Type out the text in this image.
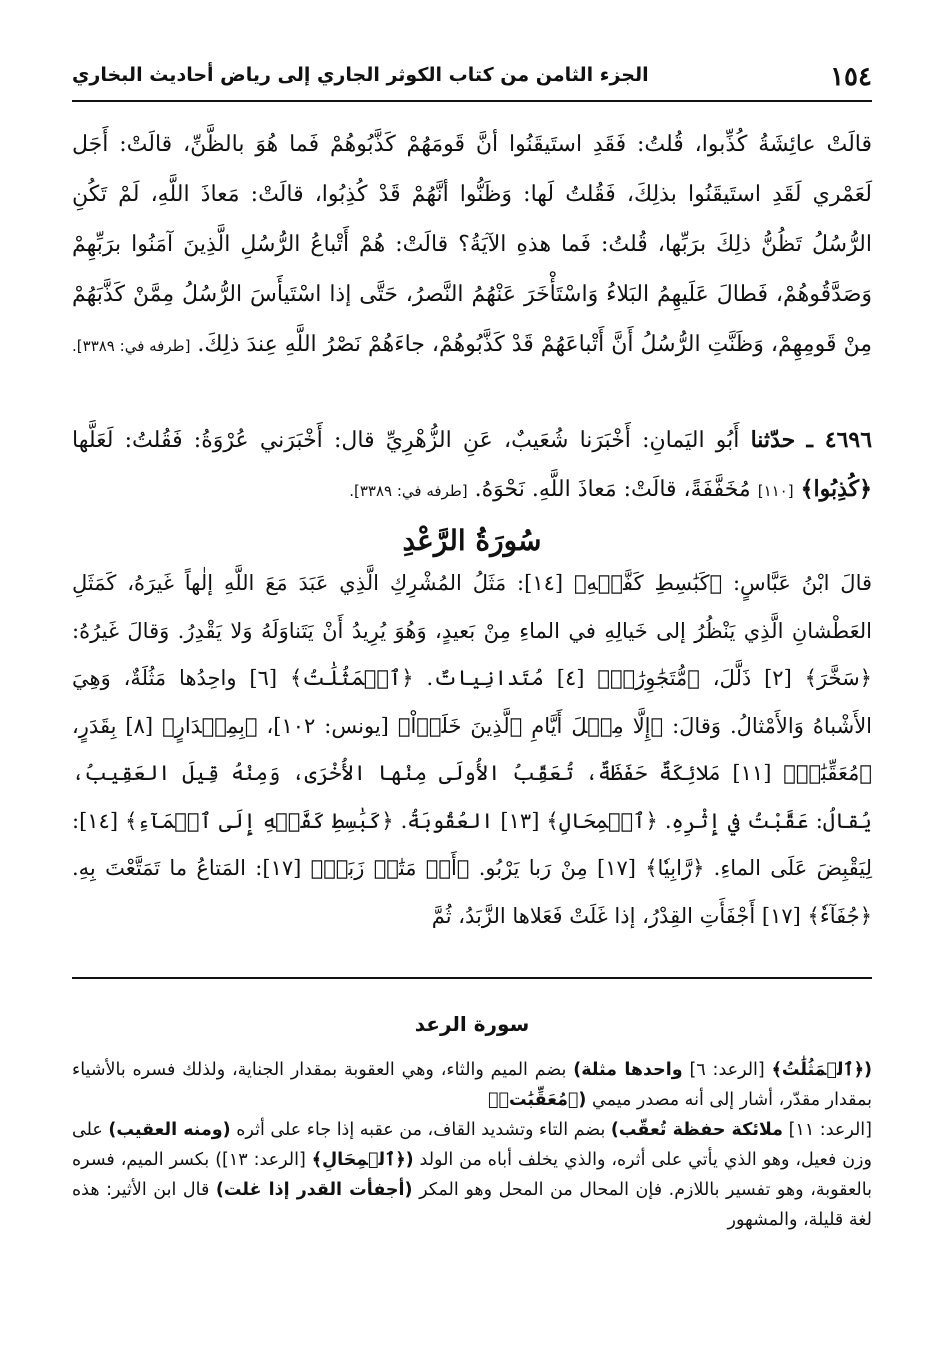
١٥٤
الجزء الثامن من كتاب الكوثر الجاري إلى رياض أحاديث البخاري
قالَتْ عائِشَةُ كُذِّبوا، قُلتُ: فَقَدِ استَيقَنُوا أنَّ قَومَهُمْ كَذَّبُوهُمْ فَما هُوَ بالظَّنِّ، قالَتْ: أَجَل لَعَمْري لَقَدِ استَيقَنُوا بذلِكَ، فَقُلتُ لَها: وَظَنُّوا أنَّهُمْ قَدْ كُذِبُوا، قالَتْ: مَعاذَ اللَّهِ، لَمْ تَكُنِ الرُّسُلُ تَظُنُّ ذلِكَ برَبِّها، قُلتُ: فَما هذهِ الآيَةُ؟ قالَتْ: هُمْ أَتْباعُ الرُّسُلِ الَّذِينَ آمَنُوا برَبِّهِمْ وَصَدَّقُوهُمْ، فَطالَ عَلَيهِمُ البَلاءُ وَاسْتَأْخَرَ عَنْهُمُ النَّصرُ، حَتَّى إذا اسْتَيأَسَ الرُّسُلُ مِمَّنْ كَذَّبَهُمْ مِنْ قَومِهِمْ، وَظَنَّتِ الرُّسُلُ أَنَّ أَتْباعَهُمْ قَدْ كَذَّبُوهُمْ، جاءَهُمْ نَصْرُ اللَّهِ عِندَ ذلِكَ. [طرفه في: ٣٣٨٩].
٤٦٩٦ ـ حدّثنا أَبُو اليَمانِ: أَخْبَرَنا شُعَيبٌ، عَنِ الزُّهْرِيِّ قال: أَخْبَرَني عُرْوَةُ: فَقُلتُ: لَعَلَّها ﴿كُذِبُوا﴾ [١١٠] مُخَفَّفَةً، قالَتْ: مَعاذَ اللَّهِ. نَحْوَهُ. [طرفه في: ٣٣٨٩].
سُورَةُ الرَّعْدِ
قالَ ابْنُ عَبَّاسٍ: ﴿كَبَٰسِطِ كَفَّيۡهِ﴾ [١٤]: مَثَلُ المُشْرِكِ الَّذِي عَبَدَ مَعَ اللَّهِ إلٰهاً غَيرَهُ، كَمَثَلِ العَطْشانِ الَّذِي يَنْظُرُ إلى خَيالِهِ في الماءِ مِنْ بَعيدٍ، وَهُوَ يُرِيدُ أَنْ يَتَناوَلَهُ وَلا يَقْدِرُ. وَقالَ غَيرُهُ: ﴿سَخَّرَ﴾ [٢] ذَلَّلَ، ﴿مُّتَجَٰوِرَٰتٞ﴾ [٤] مُتَدانِياتٌ. ﴿ٱلۡمَثُلَٰتُ﴾ [٦] واحِدُها مَثُلَةٌ، وَهِيَ الأَشْباهُ وَالأَمْثالُ. وَقالَ: ﴿إِلَّا مِثۡلَ أَيَّامِ ٱلَّذِينَ خَلَوۡاْ﴾ [يونس: ١٠٢]، ﴿بِمِقۡدَارٍ﴾ [٨] بِقَدَرٍ، ﴿مُعَقِّبَٰتٞ﴾ [١١] مَلائِكَةٌ حَفَظَةٌ، تُعَقِّبُ الأُولَى مِنْها الأُخْرَى، وَمِنْهُ قِيلَ العَقِيبُ، يُقالُ: عَقَّبْتُ في إِثْرِهِ. ﴿ٱلۡمِحَالِ﴾ [١٣] العُقُوبَةُ. ﴿كَبَٰسِطِ كَفَّيۡهِ إِلَى ٱلۡمَآءِ﴾ [١٤]: لِيَقْبِضَ عَلَى الماءِ. ﴿رَّابِيٗا﴾ [١٧] مِنْ رَبا يَرْبُو. ﴿أَوۡ مَتَٰعٖ زَبَدٞ﴾ [١٧]: المَتاعُ ما تَمَتَّعْتَ بِهِ. ﴿جُفَآءٗ﴾ [١٧] أَجْفَأَتِ القِدْرُ، إذا غَلَتْ فَعَلاها الزَّبَدُ، ثُمَّ
سورة الرعد
(﴿ٱلۡمَثُلَٰتُ﴾ [الرعد: ٦] واحدها مثلة) بضم الميم والثاء، وهي العقوبة بمقدار الجناية، ولذلك فسره بالأشياء بمقدار مقدّر، أشار إلى أنه مصدر ميمي (﴿مُعَقِّبَٰتٞ﴾
[الرعد: ١١] ملائكة حفظة تُعقّب) بضم التاء وتشديد القاف، من عقبه إذا جاء على أثره (ومنه العقيب) على وزن فعيل، وهو الذي يأتي على أثره، والذي يخلف أباه من الولد (﴿ٱلۡمِحَالِ﴾ [الرعد: ١٣]) بكسر الميم، فسره بالعقوبة، وهو تفسير باللازم. فإن المحال من المحل وهو المكر (أجفأت القدر إذا غلت) قال ابن الأثير: هذه لغة قليلة، والمشهور
